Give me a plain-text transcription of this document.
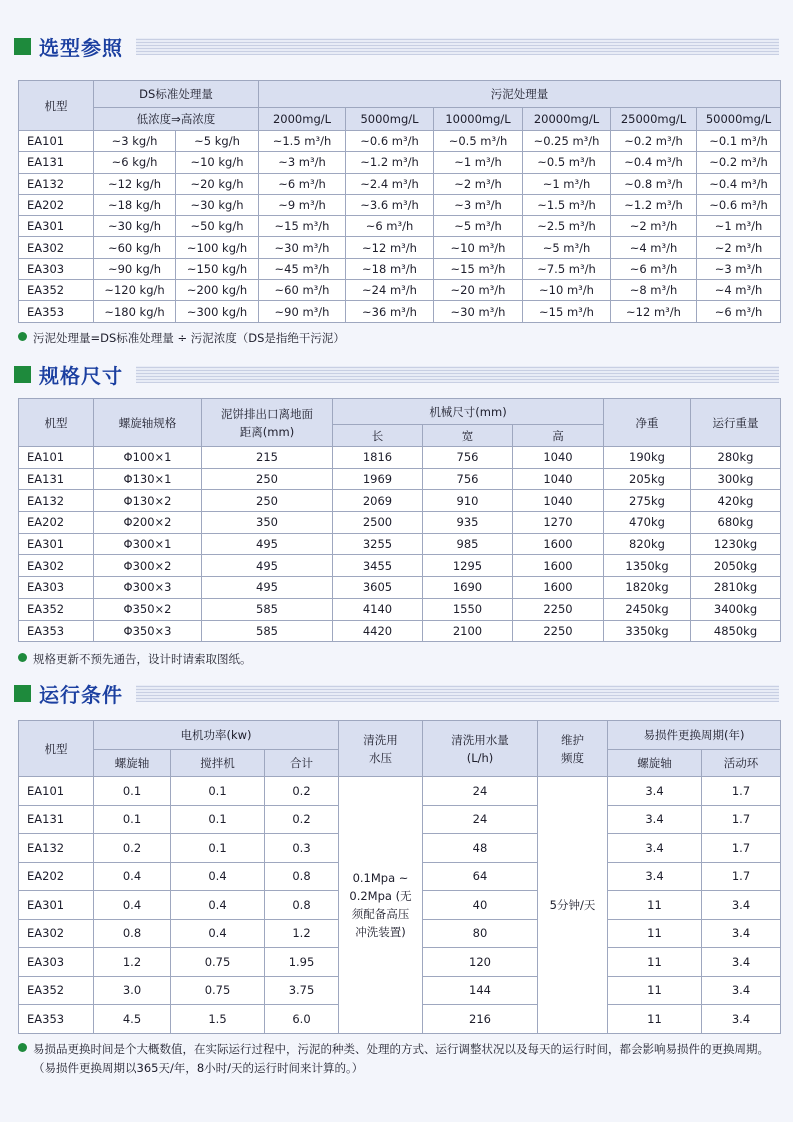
选型参照
机型	DS标准处理量		污泥处理量					
	低浓度⇒高浓度		2000mg/L	5000mg/L	10000mg/L	20000mg/L	25000mg/L	50000mg/L
EA101	~3 kg/h	~5 kg/h	~1.5 m³/h	~0.6 m³/h	~0.5 m³/h	~0.25 m³/h	~0.2 m³/h	~0.1 m³/h
EA131	~6 kg/h	~10 kg/h	~3 m³/h	~1.2 m³/h	~1 m³/h	~0.5 m³/h	~0.4 m³/h	~0.2 m³/h
EA132	~12 kg/h	~20 kg/h	~6 m³/h	~2.4 m³/h	~2 m³/h	~1 m³/h	~0.8 m³/h	~0.4 m³/h
EA202	~18 kg/h	~30 kg/h	~9 m³/h	~3.6 m³/h	~3 m³/h	~1.5 m³/h	~1.2 m³/h	~0.6 m³/h
EA301	~30 kg/h	~50 kg/h	~15 m³/h	~6 m³/h	~5 m³/h	~2.5 m³/h	~2 m³/h	~1 m³/h
EA302	~60 kg/h	~100 kg/h	~30 m³/h	~12 m³/h	~10 m³/h	~5 m³/h	~4 m³/h	~2 m³/h
EA303	~90 kg/h	~150 kg/h	~45 m³/h	~18 m³/h	~15 m³/h	~7.5 m³/h	~6 m³/h	~3 m³/h
EA352	~120 kg/h	~200 kg/h	~60 m³/h	~24 m³/h	~20 m³/h	~10 m³/h	~8 m³/h	~4 m³/h
EA353	~180 kg/h	~300 kg/h	~90 m³/h	~36 m³/h	~30 m³/h	~15 m³/h	~12 m³/h	~6 m³/h
污泥处理量=DS标准处理量 ÷ 污泥浓度（DS是指绝干污泥）
规格尺寸
机型	螺旋轴规格	泥饼排出口离地面距离(mm)	机械尺寸(mm)			净重	运行重量
			长	宽	高		
EA101	Φ100×1	215	1816	756	1040	190kg	280kg
EA131	Φ130×1	250	1969	756	1040	205kg	300kg
EA132	Φ130×2	250	2069	910	1040	275kg	420kg
EA202	Φ200×2	350	2500	935	1270	470kg	680kg
EA301	Φ300×1	495	3255	985	1600	820kg	1230kg
EA302	Φ300×2	495	3455	1295	1600	1350kg	2050kg
EA303	Φ300×3	495	3605	1690	1600	1820kg	2810kg
EA352	Φ350×2	585	4140	1550	2250	2450kg	3400kg
EA353	Φ350×3	585	4420	2100	2250	3350kg	4850kg
规格更新不预先通告，设计时请索取图纸。
运行条件
机型	电机功率(kw)			清洗用水压	清洗用水量(L/h)	维护频度	易损件更换周期(年)	
	螺旋轴	搅拌机	合计				螺旋轴	活动环
EA101	0.1	0.1	0.2	0.1Mpa ~ 0.2Mpa (无须配备高压冲洗装置)	24	5分钟/天	3.4	1.7
EA131	0.1	0.1	0.2		24		3.4	1.7
EA132	0.2	0.1	0.3		48		3.4	1.7
EA202	0.4	0.4	0.8		64		3.4	1.7
EA301	0.4	0.4	0.8		40		11	3.4
EA302	0.8	0.4	1.2		80		11	3.4
EA303	1.2	0.75	1.95		120		11	3.4
EA352	3.0	0.75	3.75		144		11	3.4
EA353	4.5	1.5	6.0		216		11	3.4
易损品更换时间是个大概数值，在实际运行过程中，污泥的种类、处理的方式、运行调整状况以及每天的运行时间，都会影响易损件的更换周期。（易损件更换周期以365天/年，8小时/天的运行时间来计算的。）
